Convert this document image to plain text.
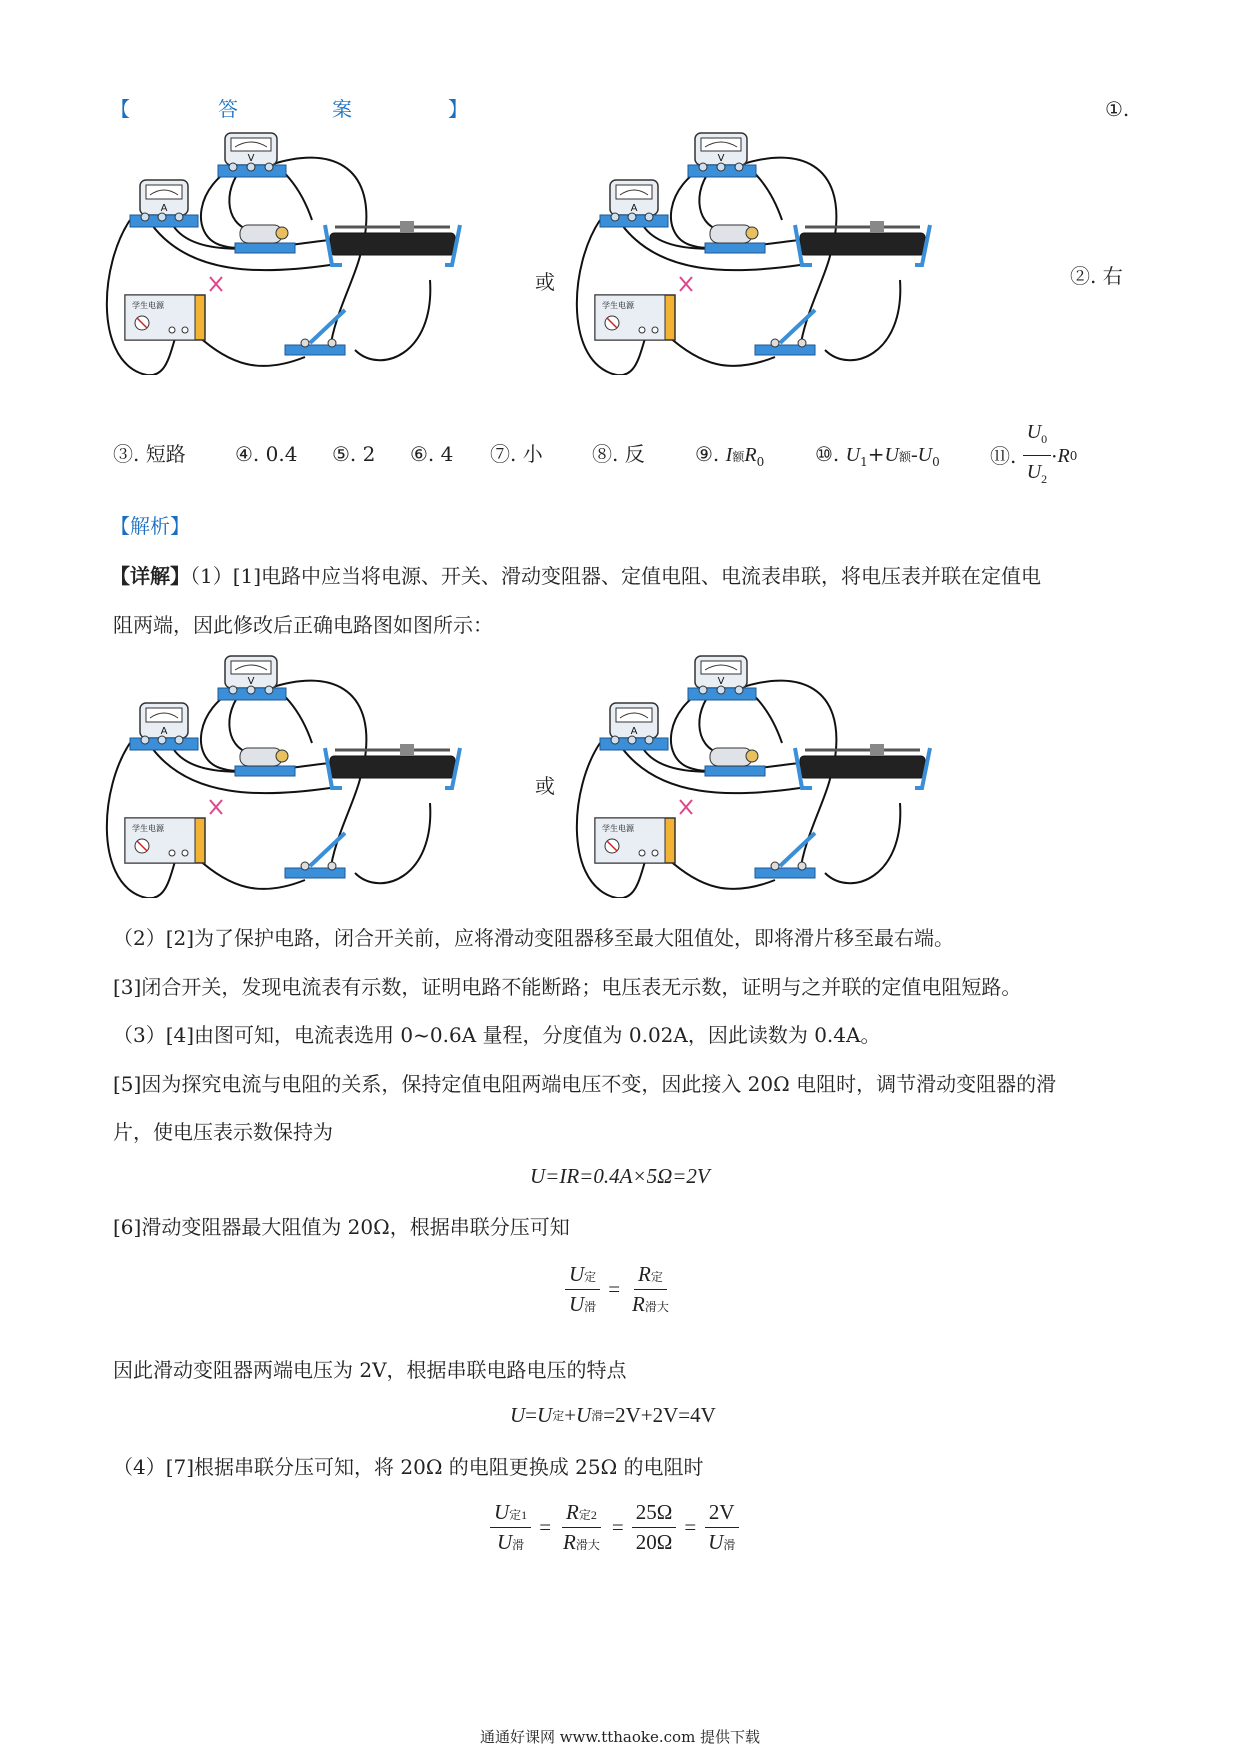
【	答	案	】	①.
或	②. 右
③. 短路 ④. 0.4 ⑤. 2 ⑥. 4 ⑦. 小 ⑧. 反	⑨. I额$R_0$	⑩. $U_1+U$额$-U_0$	⑪.
$\frac{U_0}{U_2} \cdot R$ 0
【解析】
【详解】（1）[1]电路中应当将电源、开关、滑动变阻器、定值电阻、电流表串联，将电压表并联在定值电
阻两端，因此修改后正确电路图如图所示：
或
（2）[2]为了保护电路，闭合开关前，应将滑动变阻器移至最大阻值处，即将滑片移至最右端。
[3]闭合开关，发现电流表有示数，证明电路不能断路；电压表无示数，证明与之并联的定值电阻短路。
（3）[4]由图可知，电流表选用 0~0.6A 量程，分度值为 0.02A，因此读数为 0.4A。
[5]因为探究电流与电阻的关系，保持定值电阻两端电压不变，因此接入 20Ω 电阻时，调节滑动变阻器的滑
片，使电压表示数保持为
U=IR=0.4A×5Ω=2V
[6]滑动变阻器最大阻值为 20Ω，根据串联分压可知
$\frac{\text{U定}}{\text{U滑}} = \frac{\text{R定}}{\text{R滑大}}$
因此滑动变阻器两端电压为 2V，根据串联电路电压的特点
U = U 定 + U 滑 =2V+2V=4V
（4）[7]根据串联分压可知，将 20Ω 的电阻更换成 25Ω 的电阻时
$\frac{\text{U定1}}{\text{U滑}} = \frac{\text{R定2}}{\text{R滑大}} = \frac{25\Omega}{20\Omega} = \frac{2V}{\text{U滑}}$
通通好课网 www.tthaoke.com 提供下载
